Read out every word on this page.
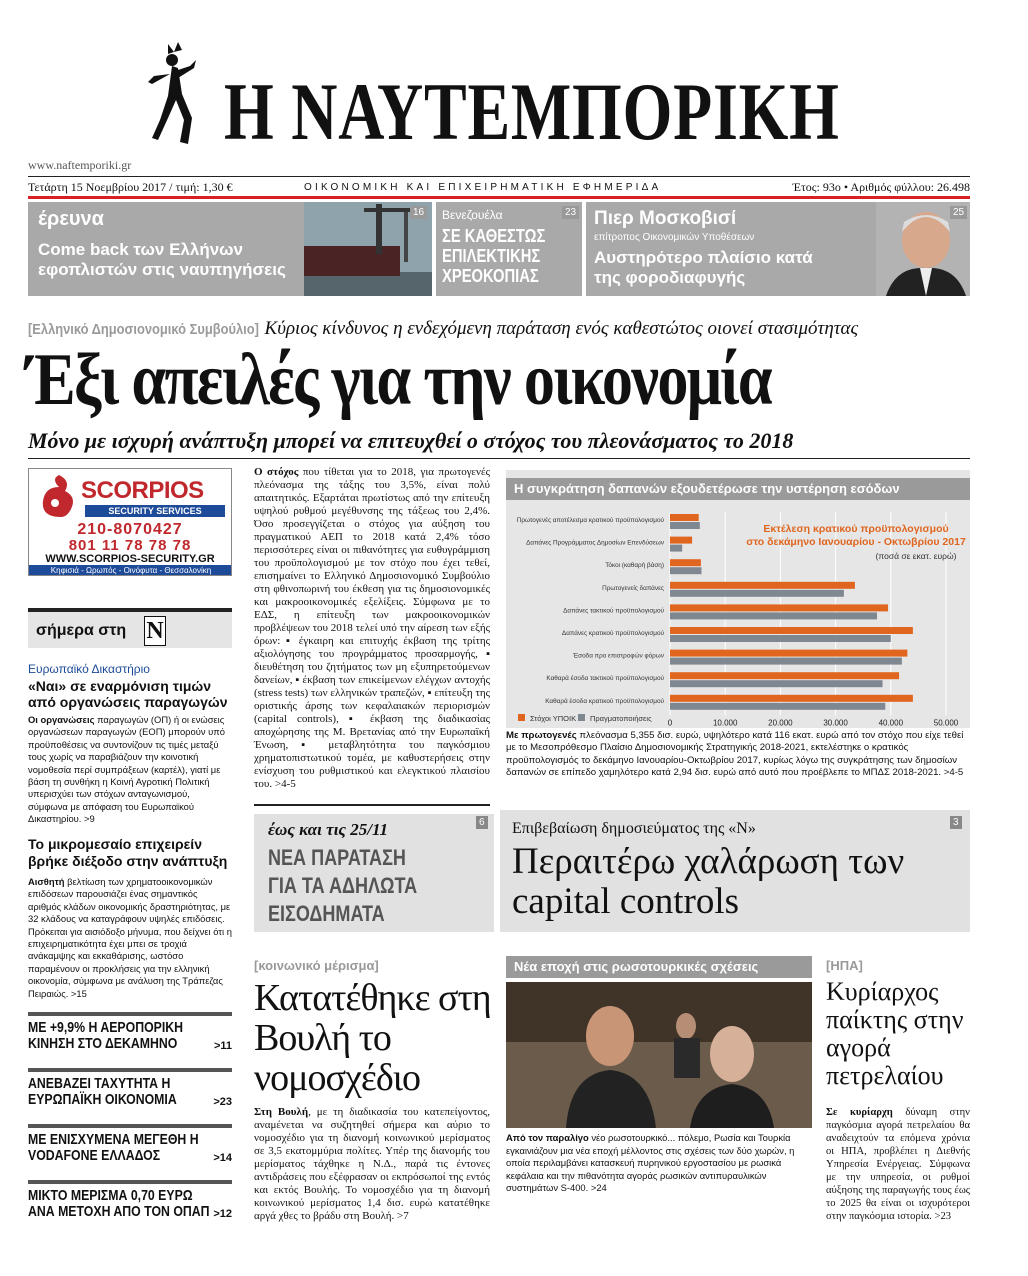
www.naftemporiki.gr
Η ΝΑΥΤΕΜΠΟΡΙΚΗ
Τετάρτη 15 Νοεμβρίου 2017 / τιμή: 1,30 €	ΟΙΚΟΝΟΜΙΚΗ ΚΑΙ ΕΠΙΧΕΙΡΗΜΑΤΙΚΗ ΕΦΗΜΕΡΙΔΑ	Έτος: 93ο • Αριθμός φύλλου: 26.498
έρευνα
Come back των Ελλήνων εφοπλιστών στις ναυπηγήσεις
16 Βενεζουέλα
ΣΕ ΚΑΘΕΣΤΩΣ ΕΠΙΛΕΚΤΙΚΗΣ ΧΡΕΟΚΟΠΙΑΣ
23 Πιερ Μοσκοβισί
επίτροπος Οικονομικών Υποθέσεων
Αυστηρότερο πλαίσιο κατά της φοροδιαφυγής
25
[Ελληνικό Δημοσιονομικό Συμβούλιο] Κύριος κίνδυνος η ενδεχόμενη παράταση ενός καθεστώτος οιονεί στασιμότητας
Έξι απειλές για την οικονομία
Μόνο με ισχυρή ανάπτυξη μπορεί να επιτευχθεί ο στόχος του πλεονάσματος το 2018
Ο στόχος που τίθεται για το 2018, για πρωτογενές πλεόνασμα της τάξης του 3,5%, είναι πολύ απαιτητικός. Εξαρτάται πρωτίστως από την επίτευξη υψηλού ρυθμού μεγέθυνσης της τάξεως του 2,4%. Όσο προσεγγίζεται ο στόχος για αύξηση του πραγματικού ΑΕΠ το 2018 κατά 2,4% τόσο περισσότερες είναι οι πιθανότητες για ευθυγράμμιση του προϋπολογισμού με τον στόχο που έχει τεθεί, επισημαίνει το Ελληνικό Δημοσιονομικό Συμβούλιο στη φθινοπωρινή του έκθεση για τις δημοσιονομικές και μακροοικονομικές εξελίξεις. Σύμφωνα με το ΕΔΣ, η επίτευξη των μακροοικονομικών προβλέψεων του 2018 τελεί υπό την αίρεση των εξής όρων: ▪ έγκαιρη και επιτυχής έκβαση της τρίτης αξιολόγησης του προγράμματος προσαρμογής, ▪ διευθέτηση του ζητήματος των μη εξυπηρετούμενων δανείων, ▪ έκβαση των επικείμενων ελέγχων αντοχής (stress tests) των ελληνικών τραπεζών, ▪ επίτευξη της οριστικής άρσης των κεφαλαιακών περιορισμών (capital controls), ▪ έκβαση της διαδικασίας αποχώρησης της Μ. Βρετανίας από την Ευρωπαϊκή Ένωση, ▪ μεταβλητότητα του παγκόσμιου χρηματοπιστωτικού τομέα, με καθυστερήσεις στην ενίσχυση του ρυθμιστικού και ελεγκτικού πλαισίου του. >4-5
SCORPIOS
SECURITY SERVICES
210-8070427
801 11 78 78 78
WWW.SCORPIOS-SECURITY.GR
Κηφισιά - Ωρωπός - Οινόφυτα - Θεσσαλονίκη
σήμερα στη Ν
Ευρωπαϊκό Δικαστήριο
«Ναι» σε εναρμόνιση τιμών από οργανώσεις παραγωγών
Οι οργανώσεις παραγωγών (ΟΠ) ή οι ενώσεις οργανώσεων παραγωγών (ΕΟΠ) μπορούν υπό προϋποθέσεις να συντονίζουν τις τιμές μεταξύ τους χωρίς να παραβιάζουν την κοινοτική νομοθεσία περί συμπράξεων (καρτέλ), γιατί με βάση τη συνθήκη η Κοινή Αγροτική Πολιτική υπερισχύει των στόχων ανταγωνισμού, σύμφωνα με απόφαση του Ευρωπαϊκού Δικαστηρίου. >9
Το μικρομεσαίο επιχειρείν βρήκε διέξοδο στην ανάπτυξη
Αισθητή βελτίωση των χρηματοοικονομικών επιδόσεων παρουσιάζει ένας σημαντικός αριθμός κλάδων οικονομικής δραστηριότητας, με 32 κλάδους να καταγράφουν υψηλές επιδόσεις. Πρόκειται για αισιόδοξο μήνυμα, που δείχνει ότι η επιχειρηματικότητα έχει μπει σε τροχιά ανάκαμψης και εκκαθάρισης, ωστόσο παραμένουν οι προκλήσεις για την ελληνική οικονομία, σύμφωνα με ανάλυση της Τράπεζας Πειραιώς. >15
ΜΕ +9,9% Η ΑΕΡΟΠΟΡΙΚΗ ΚΙΝΗΣΗ ΣΤΟ ΔΕΚΑΜΗΝΟ	>11
ΑΝΕΒΑΖΕΙ ΤΑΧΥΤΗΤΑ Η ΕΥΡΩΠΑΪΚΗ ΟΙΚΟΝΟΜΙΑ	>23
ΜΕ ΕΝΙΣΧΥΜΕΝΑ ΜΕΓΕΘΗ Η VODAFONE ΕΛΛΑΔΟΣ	>14
ΜΙΚΤΟ ΜΕΡΙΣΜΑ 0,70 ΕΥΡΩ ΑΝΑ ΜΕΤΟΧΗ ΑΠΟ ΤΟΝ ΟΠΑΠ >12
Η συγκράτηση δαπανών εξουδετέρωσε την υστέρηση εσόδων
0	10.000	20.000	30.000	40.000	50.000
Πρωτογενές αποτέλεσμα κρατικού προϋπολογισμού
Δαπάνες Προγράμματος Δημοσίων Επενδύσεων
Τόκοι (καθαρή βάση)
Πρωτογενείς δαπάνες
Δαπάνες τακτικού προϋπολογισμού
Δαπάνες κρατικού προϋπολογισμού
Έσοδα προ επιστροφών φόρων
Καθαρά έσοδα τακτικού προϋπολογισμού
Καθαρά έσοδα κρατικού προϋπολογισμού
Εκτέλεση κρατικού προϋπολογισμού
στο δεκάμηνο Ιανουαρίου - Οκτωβρίου 2017
(ποσά σε εκατ. ευρώ)
Στόχοι ΥΠΟΙΚ Πραγματοποιήσεις
Με πρωτογενές πλεόνασμα 5,355 δισ. ευρώ, υψηλότερο κατά 116 εκατ. ευρώ από τον στόχο που είχε τεθεί με το Μεσοπρόθεσμο Πλαίσιο Δημοσιονομικής Στρατηγικής 2018-2021, εκτελέστηκε ο κρατικός προϋπολογισμός το δεκάμηνο Ιανουαρίου-Οκτωβρίου 2017, κυρίως λόγω της συγκράτησης των δημοσίων δαπανών σε επίπεδο χαμηλότερο κατά 2,94 δισ. ευρώ από αυτό που προέβλεπε το ΜΠΔΣ 2018-2021. >4-5
έως και τις 25/11
ΝΕΑ ΠΑΡΑΤΑΣΗ ΓΙΑ ΤΑ ΑΔΗΛΩΤΑ ΕΙΣΟΔΗΜΑΤΑ
6 Επιβεβαίωση δημοσιεύματος της «Ν»
Περαιτέρω χαλάρωση των capital controls
3
[κοινωνικό μέρισμα]
Κατατέθηκε στη Βουλή το νομοσχέδιο
Στη Βουλή, με τη διαδικασία του κατεπείγοντος, αναμένεται να συζητηθεί σήμερα και αύριο το νομοσχέδιο για τη διανομή κοινωνικού μερίσματος σε 3,5 εκατομμύρια πολίτες. Υπέρ της διανομής του μερίσματος τάχθηκε η Ν.Δ., παρά τις έντονες αντιδράσεις που εξέφρασαν οι εκπρόσωποί της εντός και εκτός Βουλής. Το νομοσχέδιο για τη διανομή κοινωνικού μερίσματος 1,4 δισ. ευρώ κατατέθηκε αργά χθες το βράδυ στη Βουλή. >7
Νέα εποχή στις ρωσοτουρκικές σχέσεις
Από τον παραλίγο νέο ρωσοτουρκικό... πόλεμο, Ρωσία και Τουρκία εγκαινιάζουν μια νέα εποχή μέλλοντος στις σχέσεις των δύο χωρών, η οποία περιλαμβάνει κατασκευή πυρηνικού εργοστασίου με ρωσικά κεφάλαια και την πιθανότητα αγοράς ρωσικών αντιπυραυλικών συστημάτων S-400. >24
[ΗΠΑ]
Κυρίαρχος παίκτης στην αγορά πετρελαίου
Σε κυρίαρχη δύναμη στην παγκόσμια αγορά πετρελαίου θα αναδειχτούν τα επόμενα χρόνια οι ΗΠΑ, προβλέπει η Διεθνής Υπηρεσία Ενέργειας. Σύμφωνα με την υπηρεσία, οι ρυθμοί αύξησης της παραγωγής τους έως το 2025 θα είναι οι ισχυρότεροι στην παγκόσμια ιστορία. >23
